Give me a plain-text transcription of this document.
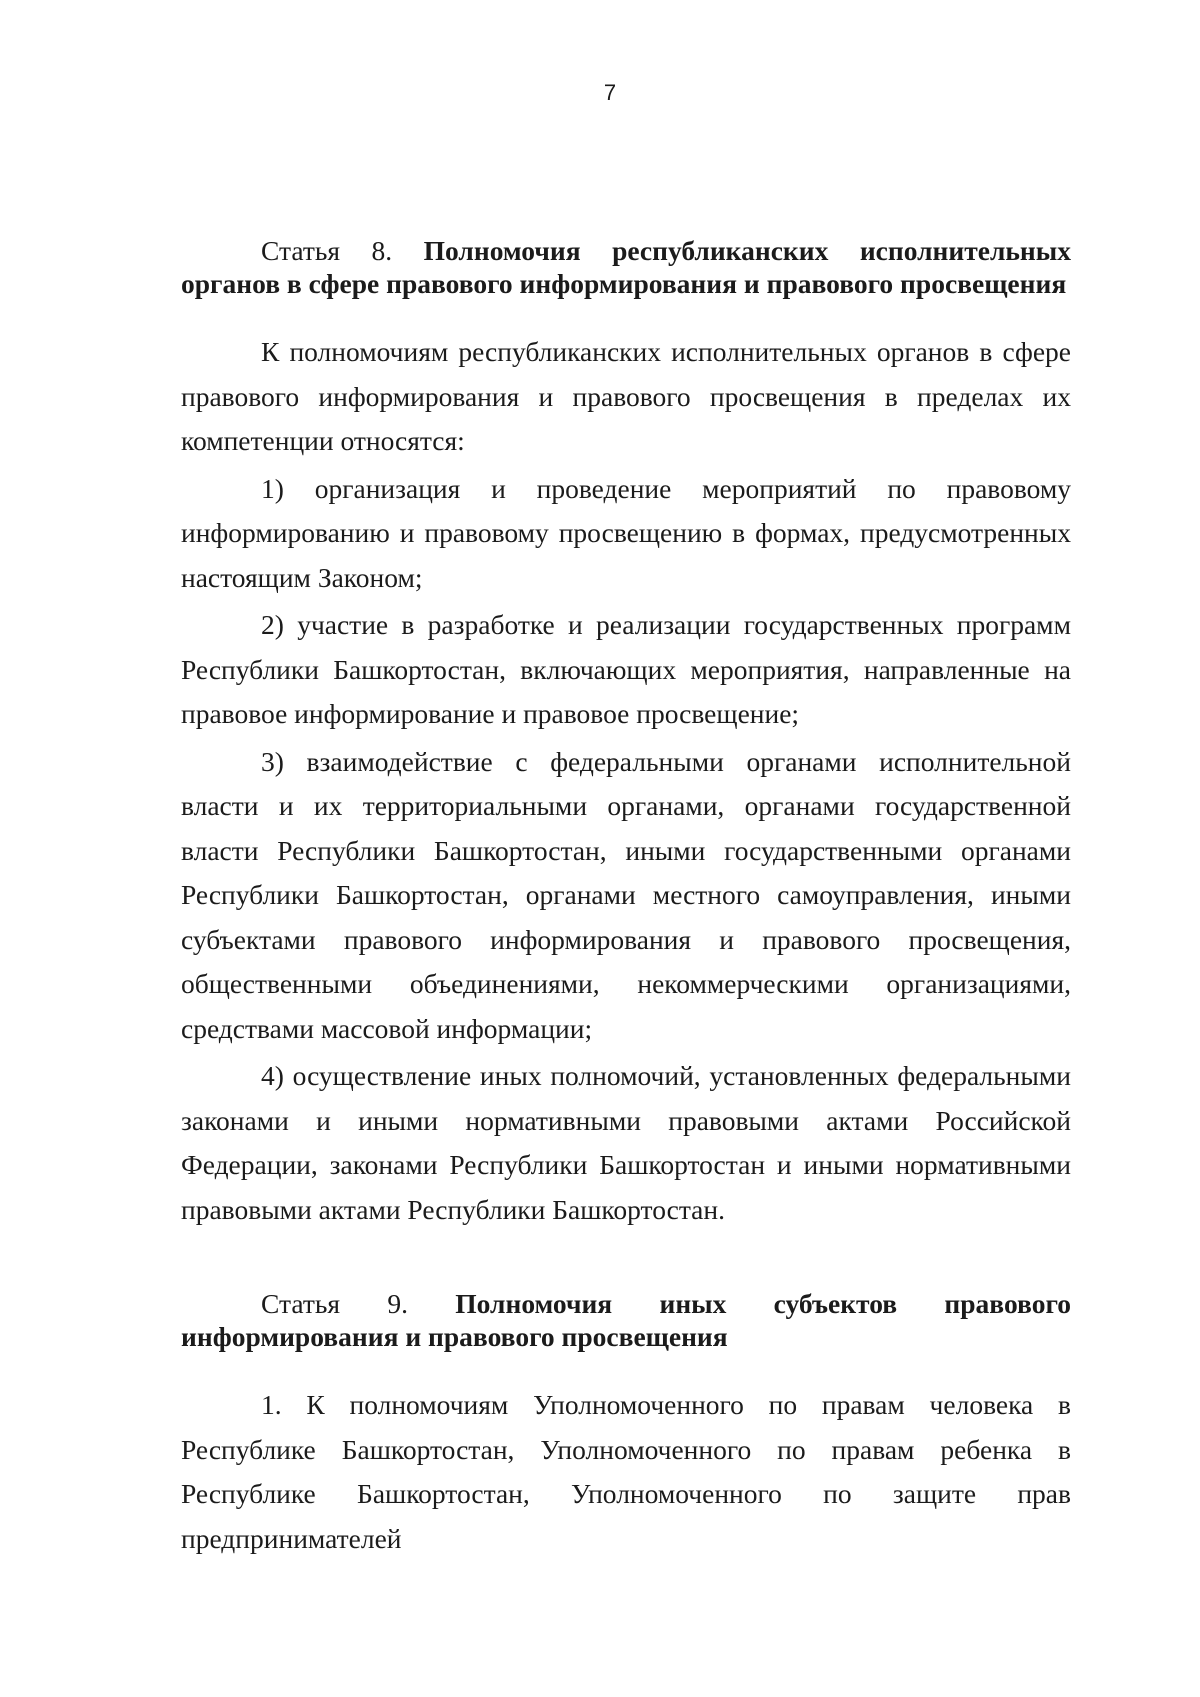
7

Статья 8. Полномочия республиканских исполнительных органов в сфере правового информирования и правового просвещения

К полномочиям республиканских исполнительных органов в сфере правового информирования и правового просвещения в пределах их компетенции относятся:

1) организация и проведение мероприятий по правовому информированию и правовому просвещению в формах, предусмотренных настоящим Законом;

2) участие в разработке и реализации государственных программ Республики Башкортостан, включающих мероприятия, направленные на правовое информирование и правовое просвещение;

3) взаимодействие с федеральными органами исполнительной власти и их территориальными органами, органами государственной власти Республики Башкортостан, иными государственными органами Республики Башкортостан, органами местного самоуправления, иными субъектами правового информирования и правового просвещения, общественными объединениями, некоммерческими организациями, средствами массовой информации;

4) осуществление иных полномочий, установленных федеральными законами и иными нормативными правовыми актами Российской Федерации, законами Республики Башкортостан и иными нормативными правовыми актами Республики Башкортостан.

Статья 9. Полномочия иных субъектов правового информирования и правового просвещения

1. К полномочиям Уполномоченного по правам человека в Республике Башкортостан, Уполномоченного по правам ребенка в Республике Башкортостан, Уполномоченного по защите прав предпринимателей
